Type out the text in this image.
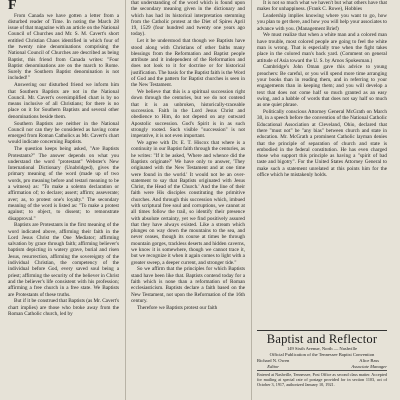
F

From Canada we have gotten a letter from a disturbed reader of Time. In noting the March 28 issue of that magazine with an article on the National Council of Churches and Mr. S. M. Cavert's short entitled Christian Chaos identified in which four of the twenty nine denominations comprising the National Council of Churches are described as being Baptist, this friend from Canada writes: "Four Baptist denominations are on the march to Rome. Surely the Southern Baptist denomination is not included!"

Answering our disturbed friend we inform him that Southern Baptists are not in the National Council. Mr. Cavert's oversimplified chart is by no means inclusive of all Christians; for there is no place on it for Southern Baptists and several other denominations beside them.

Southern Baptists are neither in the National Council nor can they be considered as having come emerged from Roman Catholics as Mr. Cavert's chart would indicate concerning Baptists.

The question keeps being asked, "Are Baptists Protestants?" The answer depends on what you understand the word "protestant" Webster's New International Dictionary (Unabridged), gives the primary meaning of the word (made up of two words, pro meaning before and testari meaning to be a witness) as: "To make a solemn declaration or affirmation of; to declare; assert; affirm; asseverate; aver; as, to protest one's loyalty." The secondary meaning of the word is listed as: "To make a protest against; to object, to dissent; to remonstrate disapproval."

Baptists are Protestants in the first meaning of the word indicated above, affirming their faith in the Lord Jesus Christ the One Mediator; affirming salvation by grace through faith; affirming believer's baptism depicting in watery grave, burial and risen Jesus, resurrection, affirming the sovereignty of the individual Christian, the competency of the individual before God, every saved soul being a priest; affirming the security of the believer in Christ and the believer's life consistent with his profession; affirming a free church in a free state. We Baptists are Protestants of these truths.

But if it be construed that Baptists (as Mr. Cavert's chart implies) are those who broke away from the Roman Catholic church, led by

that understanding of the word which is found upon the secondary meaning given in the dictionary and which has had its historical interpretation stemming from the Catholic protest at the Diet of Spires April 19, 1529 (four hundred and twenty one years ago today).

Let it be understood that though we Baptists have stood along with Christians of other faiths many blessings from the Reformation and Baptist people attribute and it independent of the Reformation and does not look to it for doctrine or for historical justification. The basis for the Baptist faith is the Word of God and the pattern for Baptist churches is seen in the New Testament.

We believe that this is a spiritual succession right down through the centuries, but we do not contend that it is an unbroken, historically-traceable succession. Faith in the Lord Jesus Christ and obedience to Him, do not depend on any outward Apostolic succession. God's Spirit is in as such strongly rooted. Such visible "succession" is not imperative, it is not even important.

We agree with Dr. E. T. Hiscox that where is a continuity in our Baptist faith through the centuries, as he writes: "If it be asked, 'Where and whence did the Baptists originate?' We have only to answer, 'They originated with the New Testament and at one time were found in the world.' It would not be an over-statement to say that Baptists originated with Jesus Christ, the Head of the Church.' And the line of their faith were His disciples constituting the primitive churches. And through this succession which, imbued with scriptural free soul and corruptions, we cannot at all times follow the trail, so identify their presence with absolute certainty, yet we find positively assured that they have always existed. Like a stream which plunges on way down the mountains to the sea, and never ceases, though its course at times be through mountain gorges, trackless deserts and hidden caverns, we know it is somewhere, though we cannot trace it, but we recognize it when it again comes to light with a greater sweep, a deeper current, and stronger tide."

So we affirm that the principles for which Baptists stand have been like that. Baptists contend today for a faith which is none than a reformation of Roman ecclesiasticism. Baptists declare a faith based on the New Testament, not upon the Reformation of the 16th century.

Therefore we Baptists protest our faith

It is not so much what we haven't but what others have that makes for unhappiness. (Frank C. Rowe), Hobbies

Leadership implies knowing where you want to go, how you plan to get there, and how you will help your associates to advance with you. (Management Brief)

We must realize that when a white man and a colored man have trouble, most colored people are going to feel the white man is wrong. That is especially true when the fight takes place in the colored man's back yard. (Comment on general attitude of Asia toward the U. S. by Arnos Spokesman.)

Cambridge's John Oman gave this advice to young preachers: Be careful, or you will spend more time arranging your books than in reading them, and in referring to your engagements than in keeping them; and you will develop a text that does not come half so much granted as an easy swing, and a habble of words that does not say half so much as one quiet phrase.

Politically conscious Attorney General McGrath on March 30, in a speech before the convention of the National Catholic Educational Association at Cleveland, Ohio, declared that there "must not" be "any bias" between church and state in education. Mr. McGrath a prominent Catholic layman denies that the principle of separation of church and state is embodied in the federal constitution. He has even charged those who support this principle as having a "spirit of bad taste and bigotry". For the United States Attorney General to make such a statement unrelated at this points him for the office which he mistakenly holds.

Baptist and Reflector
149 Sixth Avenue, North — Nashville
Official Publication of the Tennessee Baptist Convention
Richard N. Owen
Editor
Alice Bass
Associate Manager
Entered at Nashville, Tennessee, Post Office as second class matter. Accepted for mailing at special rate of postage provided for in section 1103, act of October 3, 1917, authorized January 10, 1921.
